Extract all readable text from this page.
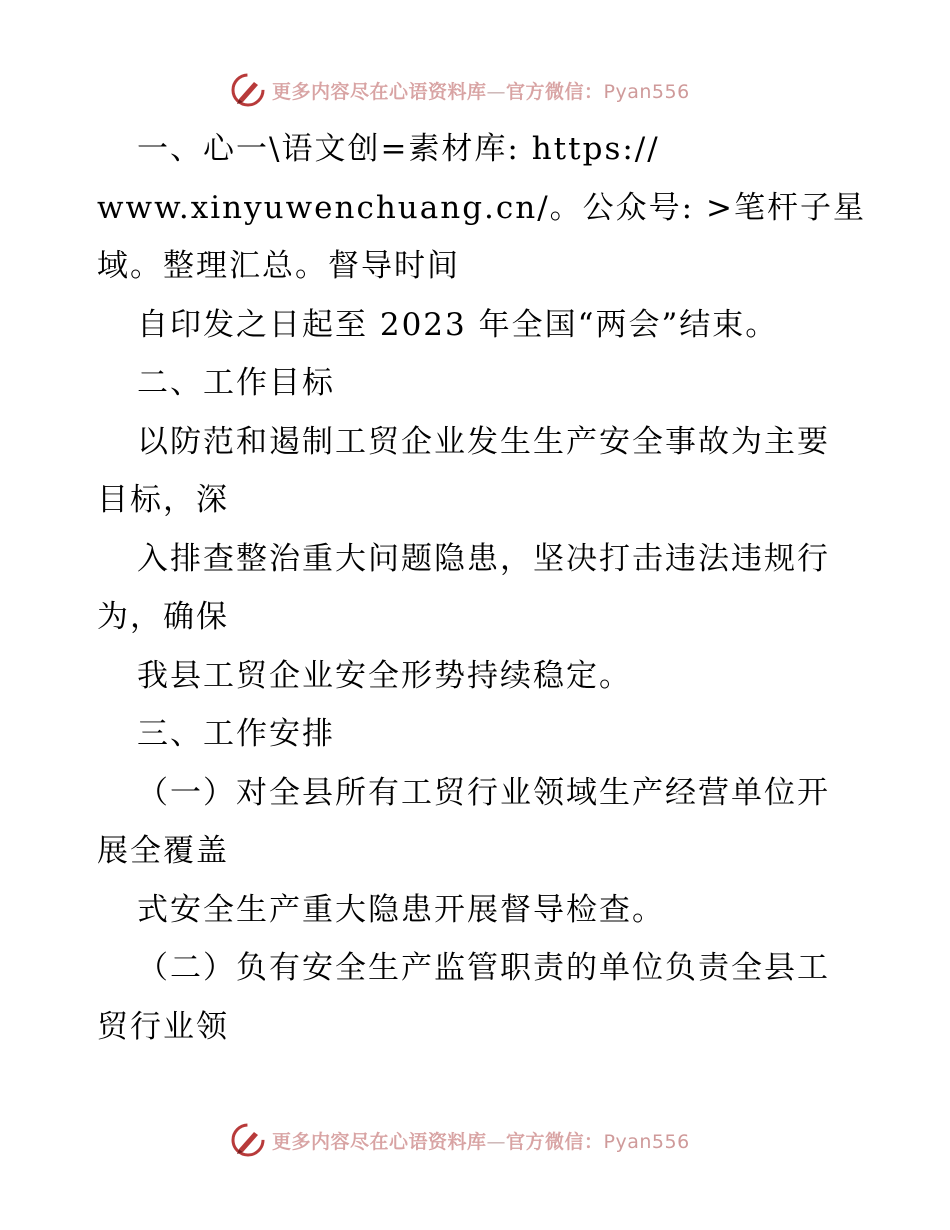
更多内容尽在心语资料库—官方微信：Pyan556
一、心一\语文创=素材库: https://
www.xinyuwenchuang.cn/。公众号: >笔杆子星
域。整理汇总。督导时间
自印发之日起至 2023 年全国“两会”结束。
二、工作目标
以防范和遏制工贸企业发生生产安全事故为主要
目标，深
入排查整治重大问题隐患，坚决打击违法违规行
为，确保
我县工贸企业安全形势持续稳定。
三、工作安排
（一）对全县所有工贸行业领域生产经营单位开
展全覆盖
式安全生产重大隐患开展督导检查。
（二）负有安全生产监管职责的单位负责全县工
贸行业领
更多内容尽在心语资料库—官方微信：Pyan556
